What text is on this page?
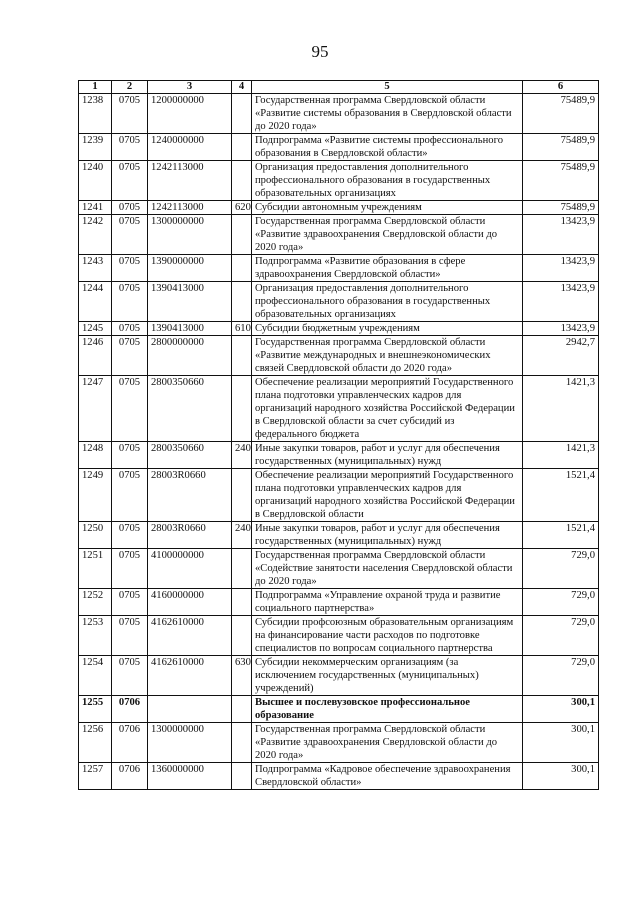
95
1	2	3	4	5	6
1238	0705	1200000000		Государственная программа Свердловской области «Развитие системы образования в Свердловской области до 2020 года»	75489,9
1239	0705	1240000000		Подпрограмма «Развитие системы профессионального образования в Свердловской области»	75489,9
1240	0705	1242113000		Организация предоставления дополнительного профессионального образования в государственных образовательных организациях	75489,9
1241	0705	1242113000	620	Субсидии автономным учреждениям	75489,9
1242	0705	1300000000		Государственная программа Свердловской области «Развитие здравоохранения Свердловской области до 2020 года»	13423,9
1243	0705	1390000000		Подпрограмма «Развитие образования в сфере здравоохранения Свердловской области»	13423,9
1244	0705	1390413000		Организация предоставления дополнительного профессионального образования в государственных образовательных организациях	13423,9
1245	0705	1390413000	610	Субсидии бюджетным учреждениям	13423,9
1246	0705	2800000000		Государственная программа Свердловской области «Развитие международных и внешнеэкономических связей Свердловской области до 2020 года»	2942,7
1247	0705	2800350660		Обеспечение реализации мероприятий Государственного плана подготовки управленческих кадров для организаций народного хозяйства Российской Федерации в Свердловской области за счет субсидий из федерального бюджета	1421,3
1248	0705	2800350660	240	Иные закупки товаров, работ и услуг для обеспечения государственных (муниципальных) нужд	1421,3
1249	0705	28003R0660		Обеспечение реализации мероприятий Государственного плана подготовки управленческих кадров для организаций народного хозяйства Российской Федерации в Свердловской области	1521,4
1250	0705	28003R0660	240	Иные закупки товаров, работ и услуг для обеспечения государственных (муниципальных) нужд	1521,4
1251	0705	4100000000		Государственная программа Свердловской области «Содействие занятости населения Свердловской области до 2020 года»	729,0
1252	0705	4160000000		Подпрограмма «Управление охраной труда и развитие социального партнерства»	729,0
1253	0705	4162610000		Субсидии профсоюзным образовательным организациям на финансирование части расходов по подготовке специалистов по вопросам социального партнерства	729,0
1254	0705	4162610000	630	Субсидии некоммерческим организациям (за исключением государственных (муниципальных) учреждений)	729,0
1255	0706			Высшее и послевузовское профессиональное образование	300,1
1256	0706	1300000000		Государственная программа Свердловской области «Развитие здравоохранения Свердловской области до 2020 года»	300,1
1257	0706	1360000000		Подпрограмма «Кадровое обеспечение здравоохранения Свердловской области»	300,1
